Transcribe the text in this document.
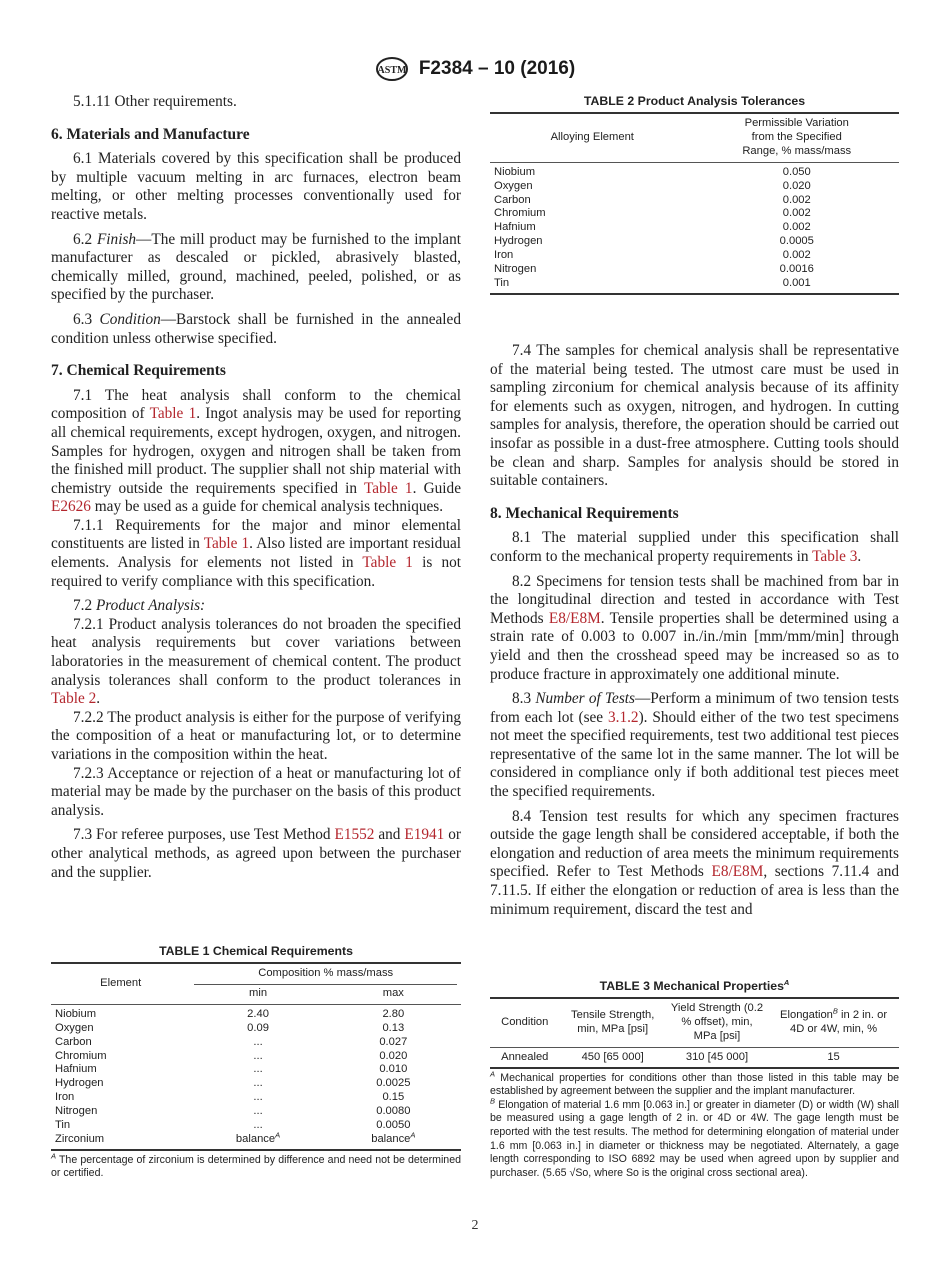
ASTM F2384 – 10 (2016)

5.1.11 Other requirements.

6. Materials and Manufacture

6.1 Materials covered by this specification shall be produced by multiple vacuum melting in arc furnaces, electron beam melting, or other melting processes conventionally used for reactive metals.

6.2 Finish—The mill product may be furnished to the implant manufacturer as descaled or pickled, abrasively blasted, chemically milled, ground, machined, peeled, polished, or as specified by the purchaser.

6.3 Condition—Barstock shall be furnished in the annealed condition unless otherwise specified.

7. Chemical Requirements

7.1 The heat analysis shall conform to the chemical composition of Table 1. Ingot analysis may be used for reporting all chemical requirements, except hydrogen, oxygen, and nitrogen. Samples for hydrogen, oxygen and nitrogen shall be taken from the finished mill product. The supplier shall not ship material with chemistry outside the requirements specified in Table 1. Guide E2626 may be used as a guide for chemical analysis techniques.

7.1.1 Requirements for the major and minor elemental constituents are listed in Table 1. Also listed are important residual elements. Analysis for elements not listed in Table 1 is not required to verify compliance with this specification.

7.2 Product Analysis:

7.2.1 Product analysis tolerances do not broaden the specified heat analysis requirements but cover variations between laboratories in the measurement of chemical content. The product analysis tolerances shall conform to the product tolerances in Table 2.

7.2.2 The product analysis is either for the purpose of verifying the composition of a heat or manufacturing lot, or to determine variations in the composition within the heat.

7.2.3 Acceptance or rejection of a heat or manufacturing lot of material may be made by the purchaser on the basis of this product analysis.

7.3 For referee purposes, use Test Method E1552 and E1941 or other analytical methods, as agreed upon between the purchaser and the supplier.

TABLE 1 Chemical Requirements
Element	Composition % mass/mass	

	min	max
Niobium	2.40	2.80
Oxygen	0.09	0.13
Carbon	...	0.027
Chromium	...	0.020
Hafnium	...	0.010
Hydrogen	...	0.0025
Iron	...	0.15
Nitrogen	...	0.0080
Tin	...	0.0050
Zirconium	balance$^A$	balance$^A$
$^A$ The percentage of zirconium is determined by difference and need not be determined or certified.
TABLE 2 Product Analysis Tolerances
Alloying Element	Permissible Variation from the Specified Range, % mass/mass
Niobium	0.050
Oxygen	0.020
Carbon	0.002
Chromium	0.002
Hafnium	0.002
Hydrogen	0.0005
Iron	0.002
Nitrogen	0.0016
Tin	0.001

7.4 The samples for chemical analysis shall be representative of the material being tested. The utmost care must be used in sampling zirconium for chemical analysis because of its affinity for elements such as oxygen, nitrogen, and hydrogen. In cutting samples for analysis, therefore, the operation should be carried out insofar as possible in a dust-free atmosphere. Cutting tools should be clean and sharp. Samples for analysis should be stored in suitable containers.

8. Mechanical Requirements

8.1 The material supplied under this specification shall conform to the mechanical property requirements in Table 3.

8.2 Specimens for tension tests shall be machined from bar in the longitudinal direction and tested in accordance with Test Methods E8/E8M. Tensile properties shall be determined using a strain rate of 0.003 to 0.007 in./in./min [mm/mm/min] through yield and then the crosshead speed may be increased so as to produce fracture in approximately one additional minute.

8.3 Number of Tests—Perform a minimum of two tension tests from each lot (see 3.1.2). Should either of the two test specimens not meet the specified requirements, test two additional test pieces representative of the same lot in the same manner. The lot will be considered in compliance only if both additional test pieces meet the specified requirements.

8.4 Tension test results for which any specimen fractures outside the gage length shall be considered acceptable, if both the elongation and reduction of area meets the minimum requirements specified. Refer to Test Methods E8/E8M, sections 7.11.4 and 7.11.5. If either the elongation or reduction of area is less than the minimum requirement, discard the test and

TABLE 3 Mechanical Properties$^A$
Condition	Tensile Strength, min, MPa [psi]	Yield Strength (0.2 % offset), min, MPa [psi]	Elongation$^B$ in 2 in. or 4D or 4W, min, %
Annealed	450 [65 000]	310 [45 000]	15
$^A$ Mechanical properties for conditions other than those listed in this table may be established by agreement between the supplier and the implant manufacturer.
$^B$ Elongation of material 1.6 mm [0.063 in.] or greater in diameter (D) or width (W) shall be measured using a gage length of 2 in. or 4D or 4W. The gage length must be reported with the test results. The method for determining elongation of material under 1.6 mm [0.063 in.] in diameter or thickness may be negotiated. Alternately, a gage length corresponding to ISO 6892 may be used when agreed upon by supplier and purchaser. (5.65 √So, where So is the original cross sectional area).
2
